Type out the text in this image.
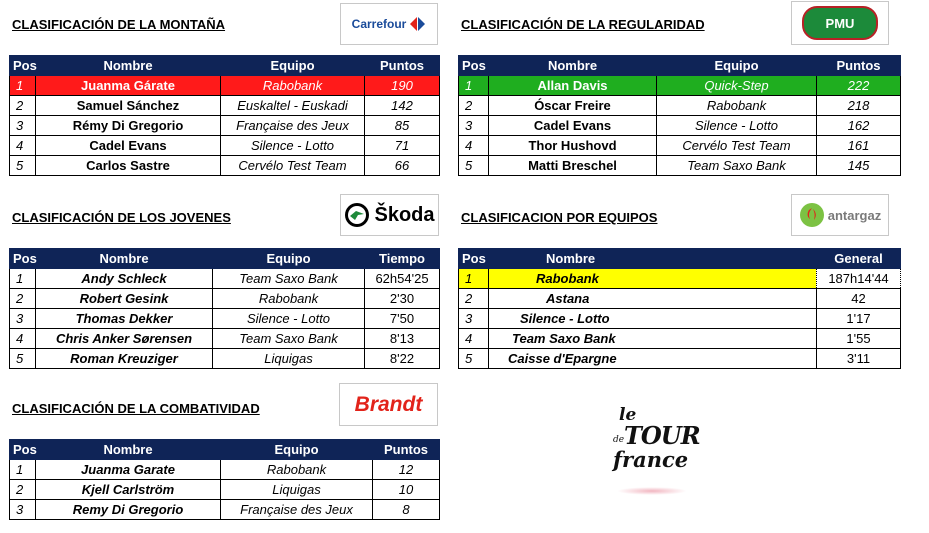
CLASIFICACIÓN DE LA MONTAÑA	Carrefour
Pos	Nombre	Equipo	Puntos
1	Juanma Gárate	Rabobank	190
2	Samuel Sánchez	Euskaltel - Euskadi	142
3	Rémy Di Gregorio	Française des Jeux	85
4	Cadel Evans	Silence - Lotto	71
5	Carlos Sastre	Cervélo Test Team	66
CLASIFICACIÓN DE LA REGULARIDAD	PMU
Pos	Nombre	Equipo	Puntos
1	Allan Davis	Quick-Step	222
2	Óscar Freire	Rabobank	218
3	Cadel Evans	Silence - Lotto	162
4	Thor Hushovd	Cervélo Test Team	161
5	Matti Breschel	Team Saxo Bank	145
CLASIFICACIÓN DE LOS JOVENES	Škoda
Pos	Nombre	Equipo	Tiempo
1	Andy Schleck	Team Saxo Bank	62h54'25
2	Robert Gesink	Rabobank	2'30
3	Thomas Dekker	Silence - Lotto	7'50
4	Chris Anker Sørensen	Team Saxo Bank	8'13
5	Roman Kreuziger	Liquigas	8'22
CLASIFICACION POR EQUIPOS	antargaz
Pos	Nombre	General
1	Rabobank	187h14'44
2	Astana	42
3	Silence - Lotto	1'17
4	Team Saxo Bank	1'55
5	Caisse d'Epargne	3'11
CLASIFICACIÓN DE LA COMBATIVIDAD	Brandt
Pos	Nombre	Equipo	Puntos
1	Juanma Garate	Rabobank	12
2	Kjell Carlström	Liquigas	10
3	Remy Di Gregorio	Française des Jeux	8
le
de TOUR
france
